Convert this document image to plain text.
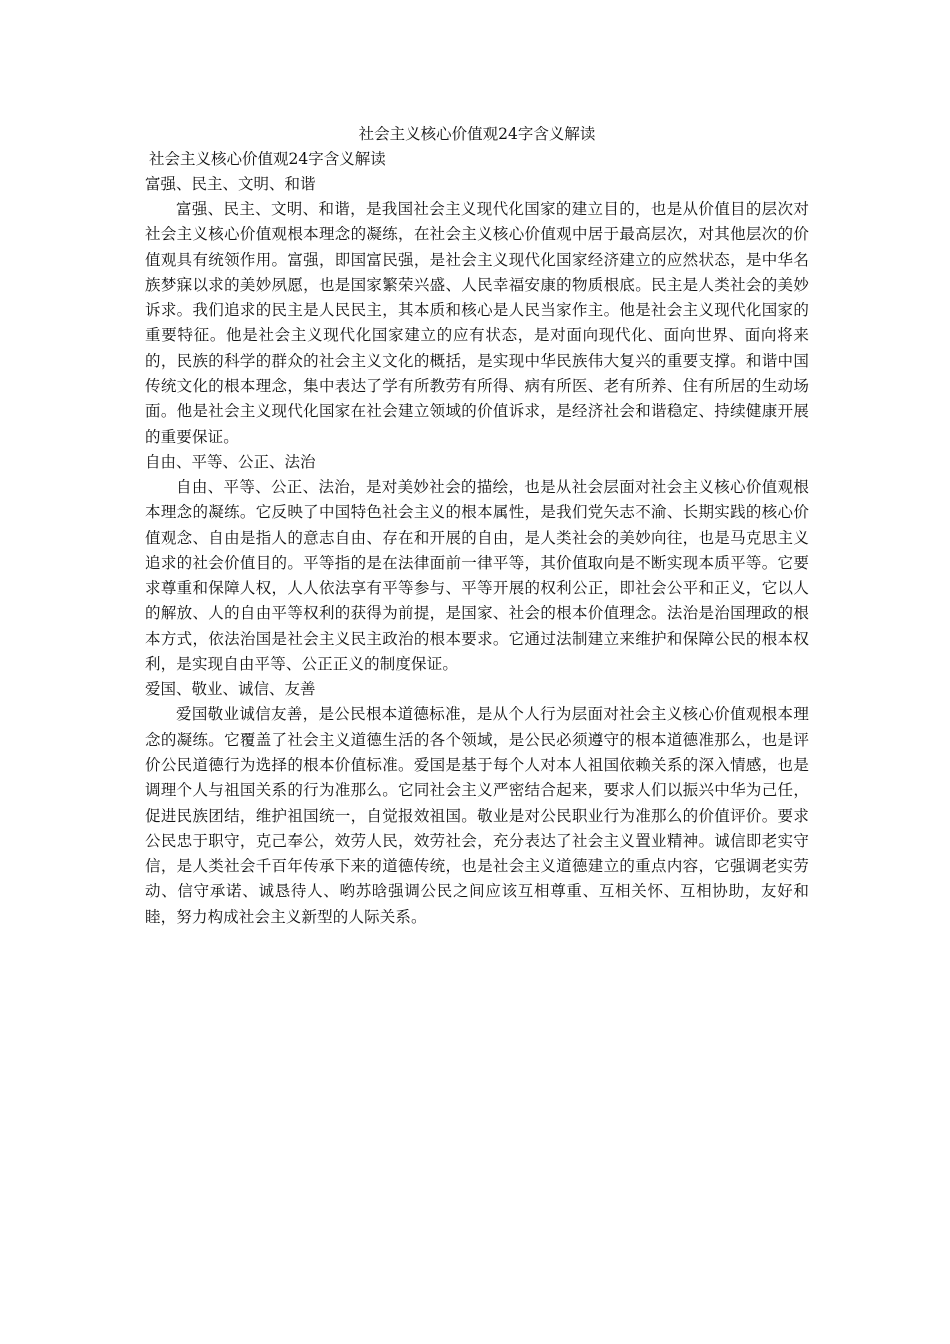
社会主义核心价值观24字含义解读
社会主义核心价值观24字含义解读
富强、民主、文明、和谐

富强、民主、文明、和谐，是我国社会主义现代化国家的建立目的，也是从价值目的层次对社会主义核心价值观根本理念的凝练，在社会主义核心价值观中居于最高层次，对其他层次的价值观具有统领作用。富强，即国富民强，是社会主义现代化国家经济建立的应然状态，是中华名族梦寐以求的美妙夙愿，也是国家繁荣兴盛、人民幸福安康的物质根底。民主是人类社会的美妙诉求。我们追求的民主是人民民主，其本质和核心是人民当家作主。他是社会主义现代化国家的重要特征。他是社会主义现代化国家建立的应有状态，是对面向现代化、面向世界、面向将来的，民族的科学的群众的社会主义文化的概括，是实现中华民族伟大复兴的重要支撑。和谐中国传统文化的根本理念，集中表达了学有所教劳有所得、病有所医、老有所养、住有所居的生动场面。他是社会主义现代化国家在社会建立领域的价值诉求，是经济社会和谐稳定、持续健康开展的重要保证。

自由、平等、公正、法治

自由、平等、公正、法治，是对美妙社会的描绘，也是从社会层面对社会主义核心价值观根本理念的凝练。它反映了中国特色社会主义的根本属性，是我们党矢志不渝、长期实践的核心价值观念、自由是指人的意志自由、存在和开展的自由，是人类社会的美妙向往，也是马克思主义追求的社会价值目的。平等指的是在法律面前一律平等，其价值取向是不断实现本质平等。它要求尊重和保障人权，人人依法享有平等参与、平等开展的权利公正，即社会公平和正义，它以人的解放、人的自由平等权利的获得为前提，是国家、社会的根本价值理念。法治是治国理政的根本方式，依法治国是社会主义民主政治的根本要求。它通过法制建立来维护和保障公民的根本权利，是实现自由平等、公正正义的制度保证。

爱国、敬业、诚信、友善

爱国敬业诚信友善，是公民根本道德标准，是从个人行为层面对社会主义核心价值观根本理念的凝练。它覆盖了社会主义道德生活的各个领域，是公民必须遵守的根本道德准那么，也是评价公民道德行为选择的根本价值标准。爱国是基于每个人对本人祖国依赖关系的深入情感，也是调理个人与祖国关系的行为准那么。它同社会主义严密结合起来，要求人们以振兴中华为己任，促进民族团结，维护祖国统一，自觉报效祖国。敬业是对公民职业行为准那么的价值评价。要求公民忠于职守，克己奉公，效劳人民，效劳社会，充分表达了社会主义置业精神。诚信即老实守信，是人类社会千百年传承下来的道德传统，也是社会主义道德建立的重点内容，它强调老实劳动、信守承诺、诚恳待人、哟苏晗强调公民之间应该互相尊重、互相关怀、互相协助，友好和睦，努力构成社会主义新型的人际关系。
